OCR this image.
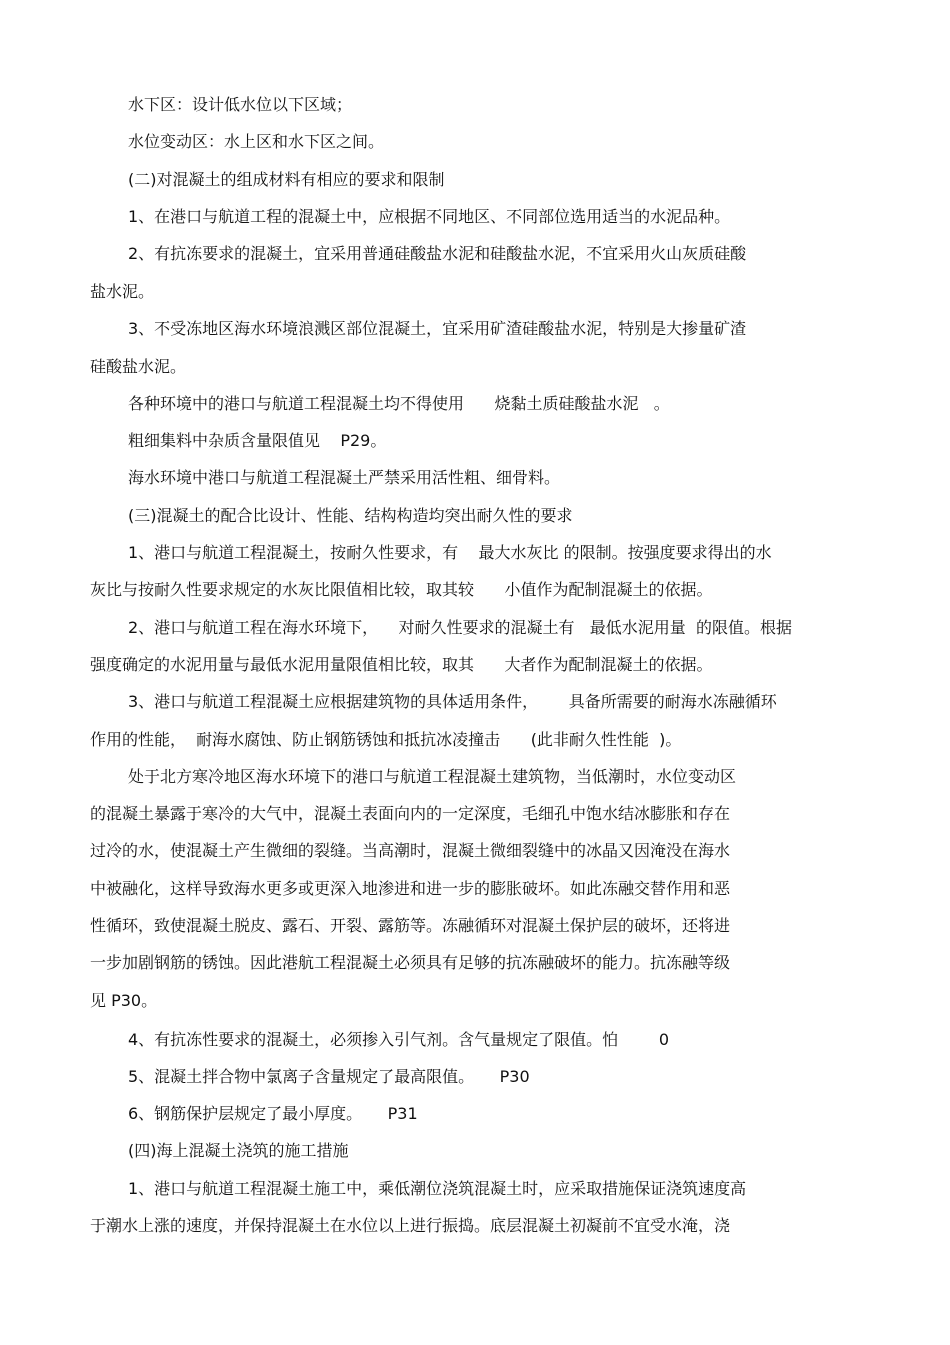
水下区：设计低水位以下区域；

水位变动区：水上区和水下区之间。

(二)对混凝土的组成材料有相应的要求和限制

1、在港口与航道工程的混凝土中，应根据不同地区、不同部位选用适当的水泥品种。

2、有抗冻要求的混凝土，宜采用普通硅酸盐水泥和硅酸盐水泥，不宜采用火山灰质硅酸

盐水泥。

3、不受冻地区海水环境浪溅区部位混凝土，宜采用矿渣硅酸盐水泥，特别是大掺量矿渣

硅酸盐水泥。

各种环境中的港口与航道工程混凝土均不得使用      烧黏土质硅酸盐水泥   。

粗细集料中杂质含量限值见    P29。

海水环境中港口与航道工程混凝土严禁采用活性粗、细骨料。

(三)混凝土的配合比设计、性能、结构构造均突出耐久性的要求

1、港口与航道工程混凝土，按耐久性要求，有    最大水灰比 的限制。按强度要求得出的水

灰比与按耐久性要求规定的水灰比限值相比较，取其较      小值作为配制混凝土的依据。

2、港口与航道工程在海水环境下，    对耐久性要求的混凝土有   最低水泥用量  的限值。根据

强度确定的水泥用量与最低水泥用量限值相比较，取其      大者作为配制混凝土的依据。

3、港口与航道工程混凝土应根据建筑物的具体适用条件，      具备所需要的耐海水冻融循环

作用的性能，  耐海水腐蚀、防止钢筋锈蚀和抵抗冰凌撞击      (此非耐久性性能  )。

处于北方寒冷地区海水环境下的港口与航道工程混凝土建筑物，当低潮时，水位变动区

的混凝土暴露于寒冷的大气中，混凝土表面向内的一定深度，毛细孔中饱水结冰膨胀和存在

过冷的水，使混凝土产生微细的裂缝。当高潮时，混凝土微细裂缝中的冰晶又因淹没在海水

中被融化，这样导致海水更多或更深入地渗进和进一步的膨胀破坏。如此冻融交替作用和恶

性循环，致使混凝土脱皮、露石、开裂、露筋等。冻融循环对混凝土保护层的破坏，还将进

一步加剧钢筋的锈蚀。因此港航工程混凝土必须具有足够的抗冻融破坏的能力。抗冻融等级

见 P30。

4、有抗冻性要求的混凝土，必须掺入引气剂。含气量规定了限值。怕        0

5、混凝土拌合物中氯离子含量规定了最高限值。     P30

6、钢筋保护层规定了最小厚度。     P31

(四)海上混凝土浇筑的施工措施

1、港口与航道工程混凝土施工中，乘低潮位浇筑混凝土时，应采取措施保证浇筑速度高

于潮水上涨的速度，并保持混凝土在水位以上进行振捣。底层混凝土初凝前不宜受水淹，浇
